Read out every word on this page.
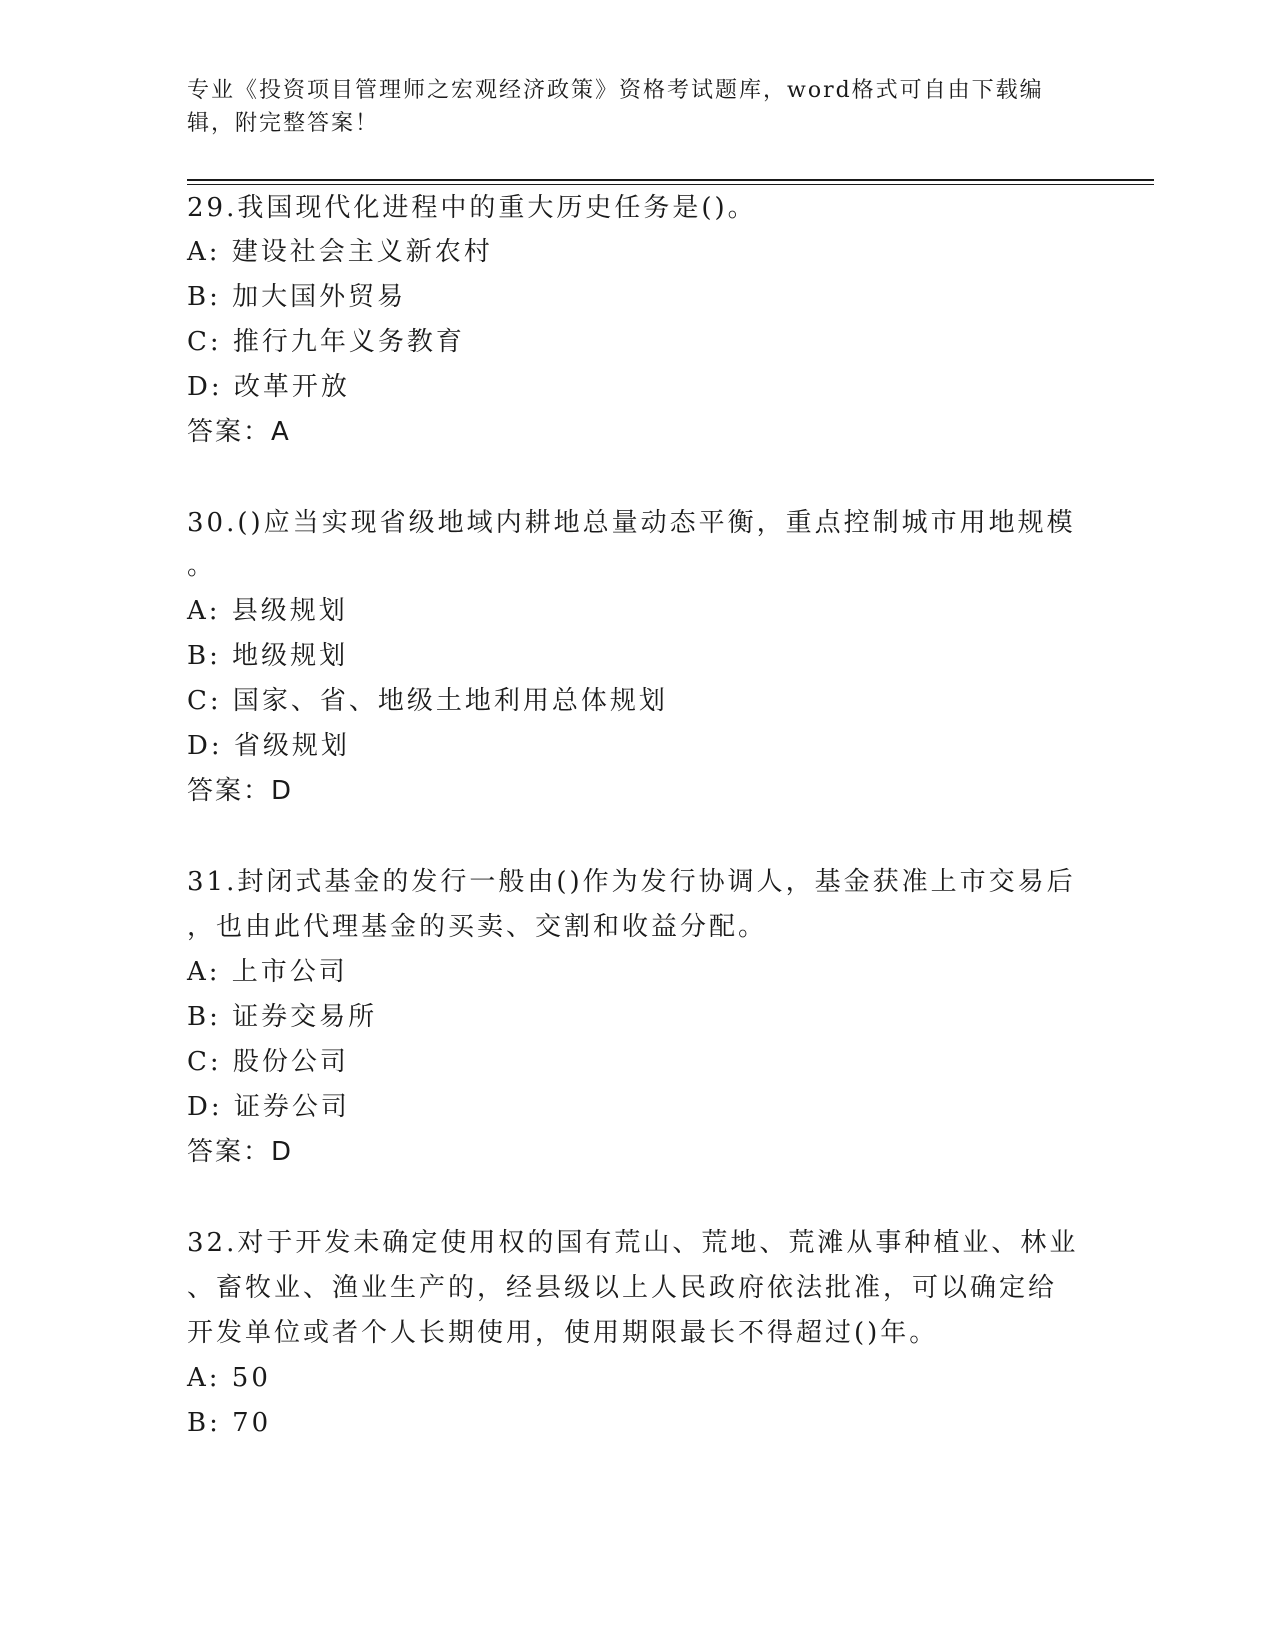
专业《投资项目管理师之宏观经济政策》资格考试题库，word格式可自由下载编
辑，附完整答案！
29.我国现代化进程中的重大历史任务是()。
A: 建设社会主义新农村
B: 加大国外贸易
C: 推行九年义务教育
D: 改革开放
答案：A
30.()应当实现省级地域内耕地总量动态平衡，重点控制城市用地规模
。
A: 县级规划
B: 地级规划
C: 国家、省、地级土地利用总体规划
D: 省级规划
答案：D
31.封闭式基金的发行一般由()作为发行协调人，基金获准上市交易后
，也由此代理基金的买卖、交割和收益分配。
A: 上市公司
B: 证券交易所
C: 股份公司
D: 证券公司
答案：D
32.对于开发未确定使用权的国有荒山、荒地、荒滩从事种植业、林业
、畜牧业、渔业生产的，经县级以上人民政府依法批准，可以确定给
开发单位或者个人长期使用，使用期限最长不得超过()年。
A: 50
B: 70
